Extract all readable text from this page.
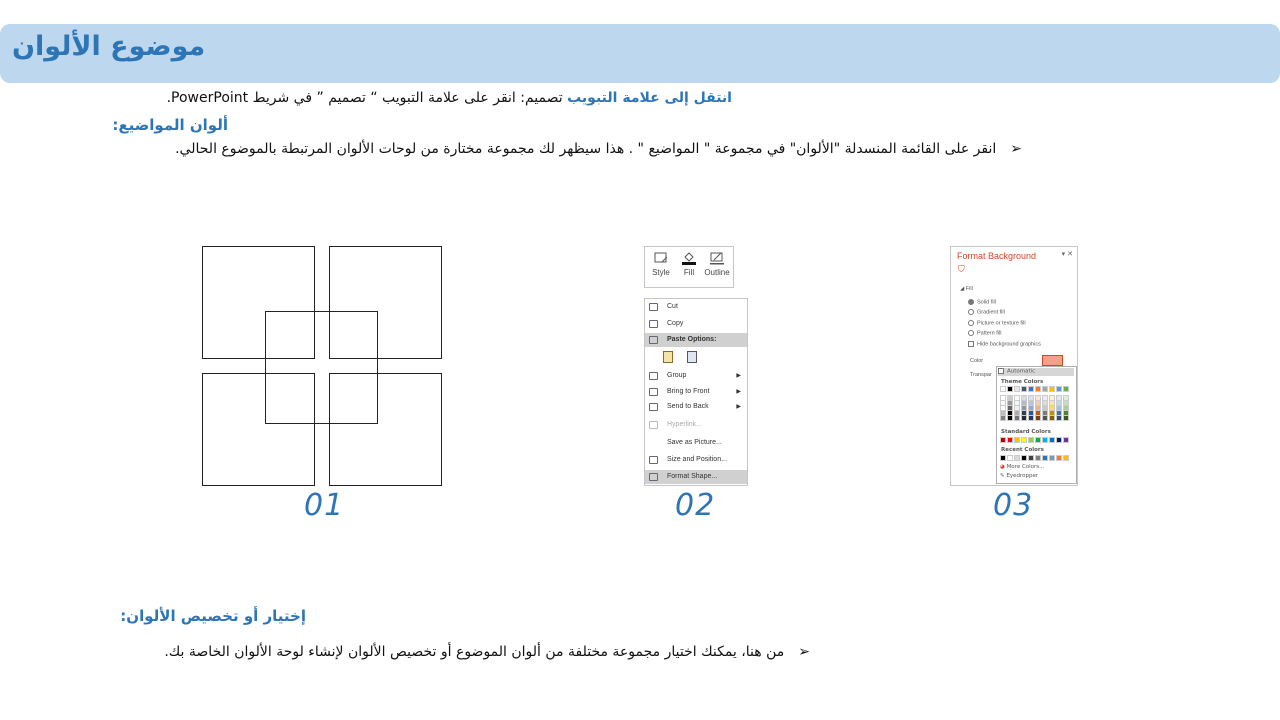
موضوع الألوان
انتقل إلى علامة التبويب تصميم: انقر على علامة التبويب “ تصميم ” في شريط PowerPoint.
ألوان المواضيع:
➢انقر على القائمة المنسدلة "الألوان" في مجموعة " المواضيع " . هذا سيظهر لك مجموعة مختارة من لوحات الألوان المرتبطة بالموضوع الحالي.
01
Style	Fill	Outline
Cut
Copy
Paste Options:
Group	▶
Bring to Front	▶
Send to Back	▶
Hyperlink...
Save as Picture...
Size and Position...
Format Shape...
02
Format Background	▾ ✕
⛉
◢ Fill
Solid fill
Gradient fill
Picture or texture fill
Pattern fill
Hide background graphics
Color
Transpar
Automatic
Theme Colors
Standard Colors
Recent Colors
◕ More Colors...
✎ Eyedropper
03
إختيار أو تخصيص الألوان:
➢من هنا، يمكنك اختيار مجموعة مختلفة من ألوان الموضوع أو تخصيص الألوان لإنشاء لوحة الألوان الخاصة بك.
